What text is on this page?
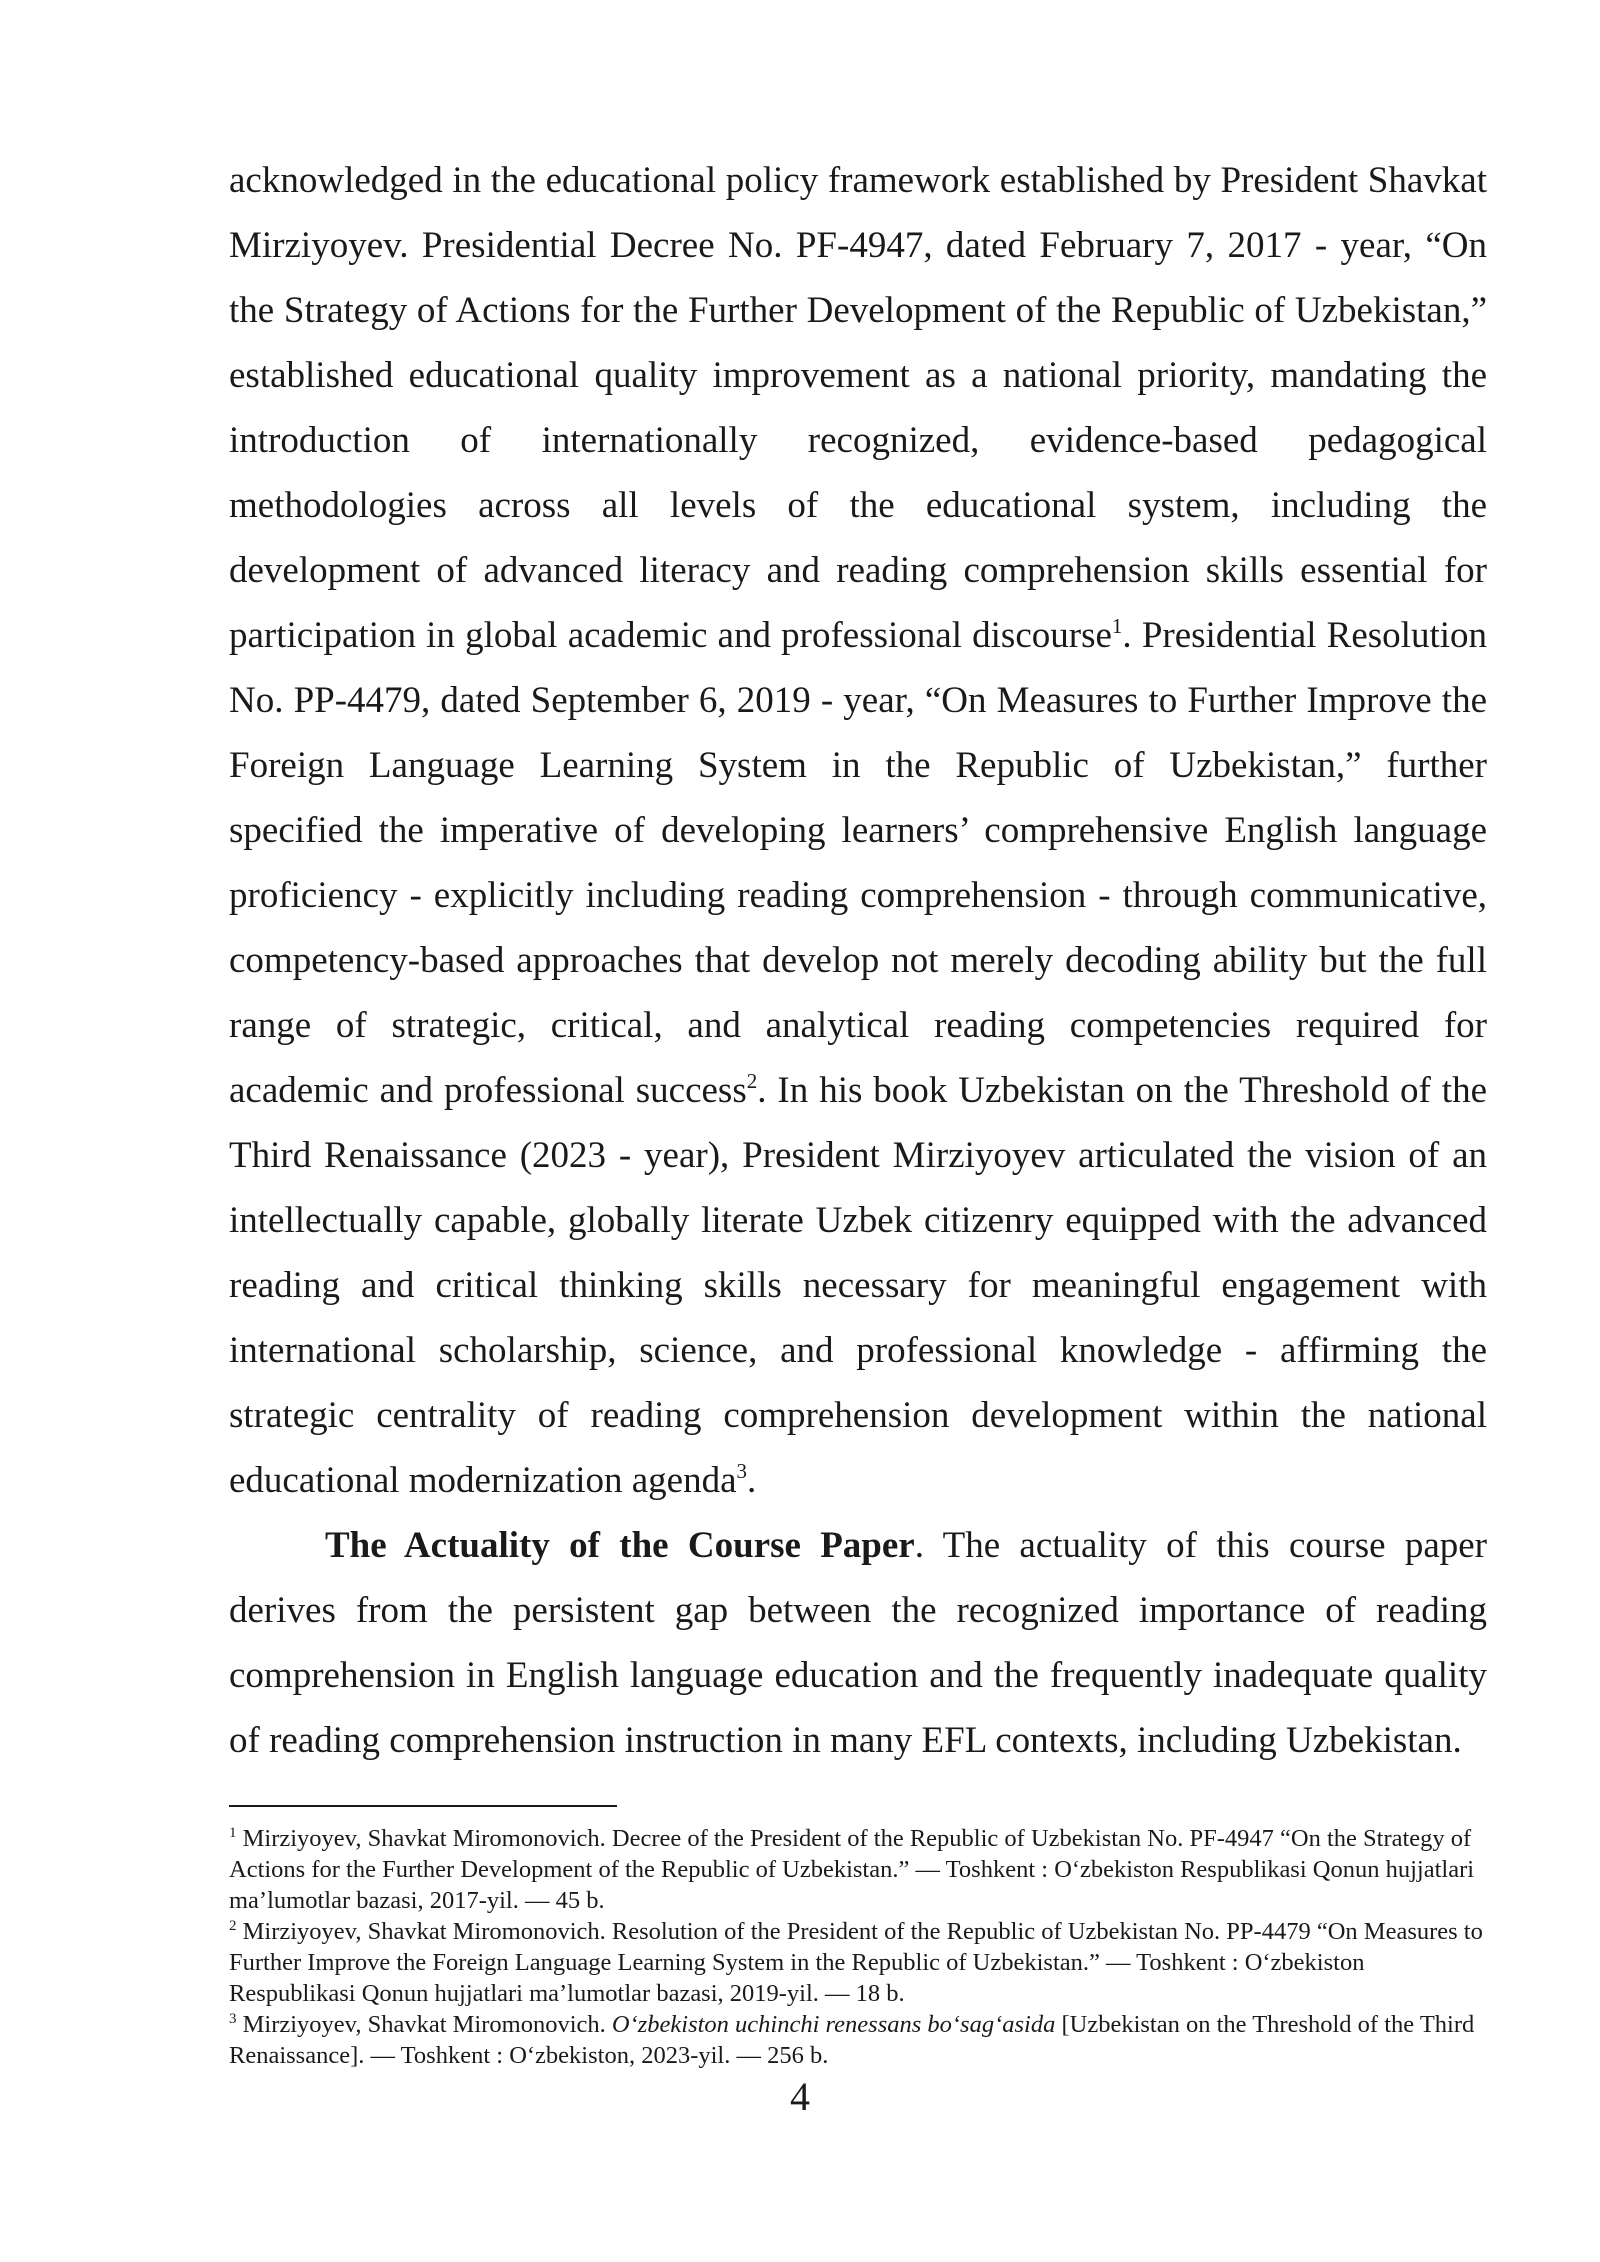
acknowledged in the educational policy framework established by President Shavkat Mirziyoyev. Presidential Decree No. PF-4947, dated February 7, 2017 - year, “On the Strategy of Actions for the Further Development of the Republic of Uzbekistan,” established educational quality improvement as a national priority, mandating the introduction of internationally recognized, evidence-based pedagogical methodologies across all levels of the educational system, including the development of advanced literacy and reading comprehension skills essential for participation in global academic and professional discourse$^1$. Presidential Resolution No. PP-4479, dated September 6, 2019 - year, “On Measures to Further Improve the Foreign Language Learning System in the Republic of Uzbekistan,” further specified the imperative of developing learners’ comprehensive English language proficiency - explicitly including reading comprehension - through communicative, competency-based approaches that develop not merely decoding ability but the full range of strategic, critical, and analytical reading competencies required for academic and professional success$^2$. In his book Uzbekistan on the Threshold of the Third Renaissance (2023 - year), President Mirziyoyev articulated the vision of an intellectually capable, globally literate Uzbek citizenry equipped with the advanced reading and critical thinking skills necessary for meaningful engagement with international scholarship, science, and professional knowledge - affirming the strategic centrality of reading comprehension development within the national educational modernization agenda$^3$.

The Actuality of the Course Paper. The actuality of this course paper derives from the persistent gap between the recognized importance of reading comprehension in English language education and the frequently inadequate quality of reading comprehension instruction in many EFL contexts, including Uzbekistan.

$^1$ Mirziyoyev, Shavkat Miromonovich. Decree of the President of the Republic of Uzbekistan No. PF-4947 “On the Strategy of Actions for the Further Development of the Republic of Uzbekistan.” — Toshkent : O‘zbekiston Respublikasi Qonun hujjatlari ma’lumotlar bazasi, 2017-yil. — 45 b.

$^2$ Mirziyoyev, Shavkat Miromonovich. Resolution of the President of the Republic of Uzbekistan No. PP-4479 “On Measures to Further Improve the Foreign Language Learning System in the Republic of Uzbekistan.” — Toshkent : O‘zbekiston Respublikasi Qonun hujjatlari ma’lumotlar bazasi, 2019-yil. — 18 b.

$^3$ Mirziyoyev, Shavkat Miromonovich. O‘zbekiston uchinchi renessans bo‘sag‘asida [Uzbekistan on the Threshold of the Third Renaissance]. — Toshkent : O‘zbekiston, 2023-yil. — 256 b.

4
